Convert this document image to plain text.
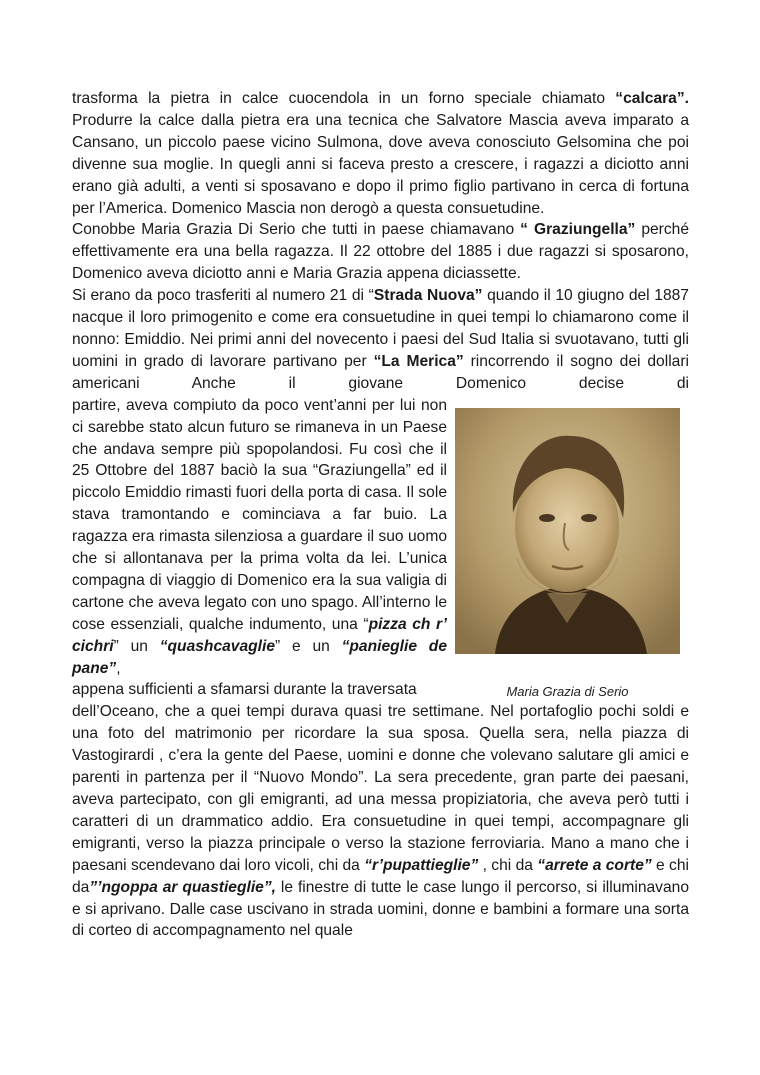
trasforma la pietra in calce cuocendola in un forno speciale chiamato “calcara”. Produrre la calce dalla pietra era una tecnica che Salvatore Mascia aveva imparato a Cansano, un piccolo paese vicino Sulmona, dove aveva conosciuto Gelsomina che poi divenne sua moglie. In quegli anni si faceva presto a crescere, i ragazzi a diciotto anni erano già adulti, a venti si sposavano e dopo il primo figlio partivano in cerca di fortuna per l’America. Domenico Mascia non derogò a questa consuetudine.

Conobbe Maria Grazia Di Serio che tutti in paese chiamavano “ Graziungella” perché effettivamente era una bella ragazza. Il 22 ottobre del 1885 i due ragazzi si sposarono, Domenico aveva diciotto anni e Maria Grazia appena diciassette.

Si erano da poco trasferiti al numero 21 di “Strada Nuova” quando il 10 giugno del 1887 nacque il loro primogenito e come era consuetudine in quei tempi lo chiamarono come il nonno: Emiddio. Nei primi anni del novecento i paesi del Sud Italia si svuotavano, tutti gli uomini in grado di lavorare partivano per “La Merica” rincorrendo il sogno dei dollari americani Anche il giovane Domenico decise di

partire, aveva compiuto da poco vent’anni per lui non ci sarebbe stato alcun futuro se rimaneva in un Paese che andava sempre più spopolandosi. Fu così che il 25 Ottobre del 1887 baciò la sua “Graziungella” ed il piccolo Emiddio rimasti fuori della porta di casa. Il sole stava tramontando e cominciava a far buio. La ragazza era rimasta silenziosa a guardare il suo uomo che si allontanava per la prima volta da lei. L’unica compagna di viaggio di Domenico era la sua valigia di cartone che aveva legato con uno spago. All’interno le cose essenziali, qualche indumento, una “pizza ch r’ cichri” un “quashcavaglie” e un “panieglie de pane”,

appena sufficienti a sfamarsi durante la traversata

dell’Oceano, che a quei tempi durava quasi tre settimane. Nel portafoglio pochi soldi e una foto del matrimonio per ricordare la sua sposa. Quella sera, nella piazza di Vastogirardi , c’era la gente del Paese, uomini e donne che volevano salutare gli amici e parenti in partenza per il “Nuovo Mondo”. La sera precedente, gran parte dei paesani, aveva partecipato, con gli emigranti, ad una messa propiziatoria, che aveva però tutti i caratteri di un drammatico addio. Era consuetudine in quei tempi, accompagnare gli emigranti, verso la piazza principale o verso la stazione ferroviaria. Mano a mano che i paesani scendevano dai loro vicoli, chi da “r’pupattieglie” , chi da “arrete a corte” e chi da”’ngoppa ar quastieglie”, le finestre di tutte le case lungo il percorso, si illuminavano e si aprivano. Dalle case uscivano in strada uomini, donne e bambini a formare una sorta di corteo di accompagnamento nel quale

Maria Grazia di Serio
